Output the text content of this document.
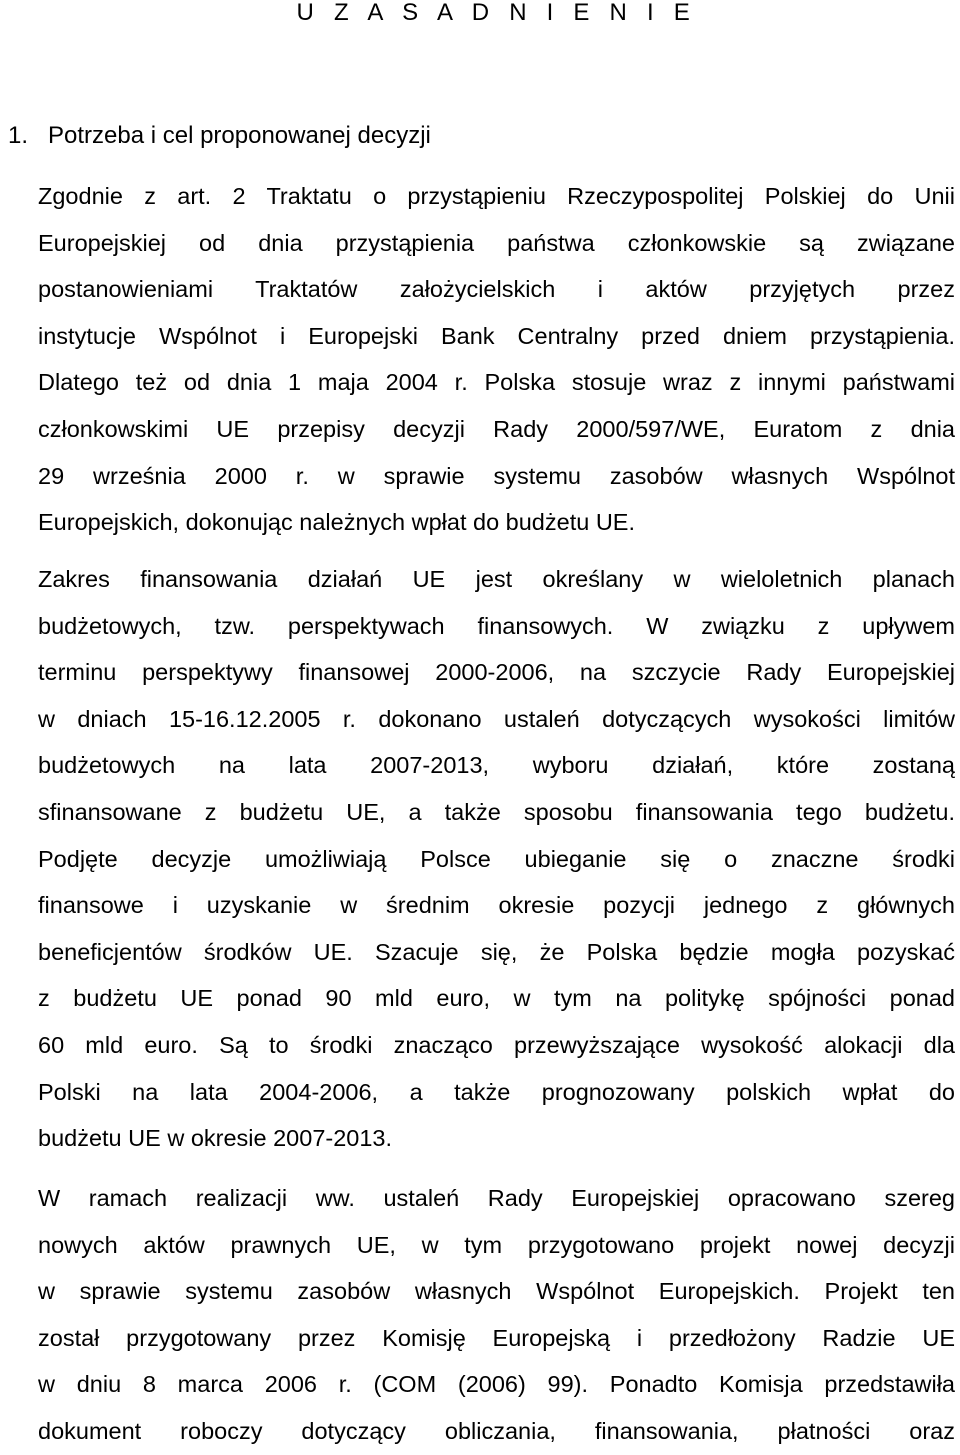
U Z A S A D N I E N I E
1. Potrzeba i cel proponowanej decyzji
Zgodnie z art. 2 Traktatu o przystąpieniu Rzeczypospolitej Polskiej do Unii
Europejskiej od dnia przystąpienia państwa członkowskie są związane
postanowieniami Traktatów założycielskich i aktów przyjętych przez
instytucje Wspólnot i Europejski Bank Centralny przed dniem przystąpienia.
Dlatego też od dnia 1 maja 2004 r. Polska stosuje wraz z innymi państwami
członkowskimi UE przepisy decyzji Rady 2000/597/WE, Euratom z dnia
29 września 2000 r. w sprawie systemu zasobów własnych Wspólnot
Europejskich, dokonując należnych wpłat do budżetu UE.
Zakres finansowania działań UE jest określany w wieloletnich planach
budżetowych, tzw. perspektywach finansowych. W związku z upływem
terminu perspektywy finansowej 2000-2006, na szczycie Rady Europejskiej
w dniach 15-16.12.2005 r. dokonano ustaleń dotyczących wysokości limitów
budżetowych na lata 2007-2013, wyboru działań, które zostaną
sfinansowane z budżetu UE, a także sposobu finansowania tego budżetu.
Podjęte decyzje umożliwiają Polsce ubieganie się o znaczne środki
finansowe i uzyskanie w średnim okresie pozycji jednego z głównych
beneficjentów środków UE. Szacuje się, że Polska będzie mogła pozyskać
z budżetu UE ponad 90 mld euro, w tym na politykę spójności ponad
60 mld euro. Są to środki znacząco przewyższające wysokość alokacji dla
Polski na lata 2004-2006, a także prognozowany polskich wpłat do
budżetu UE w okresie 2007-2013.
W ramach realizacji ww. ustaleń Rady Europejskiej opracowano szereg
nowych aktów prawnych UE, w tym przygotowano projekt nowej decyzji
w sprawie systemu zasobów własnych Wspólnot Europejskich. Projekt ten
został przygotowany przez Komisję Europejską i przedłożony Radzie UE
w dniu 8 marca 2006 r. (COM (2006) 99). Ponadto Komisja przedstawiła
dokument roboczy dotyczący obliczania, finansowania, płatności oraz
